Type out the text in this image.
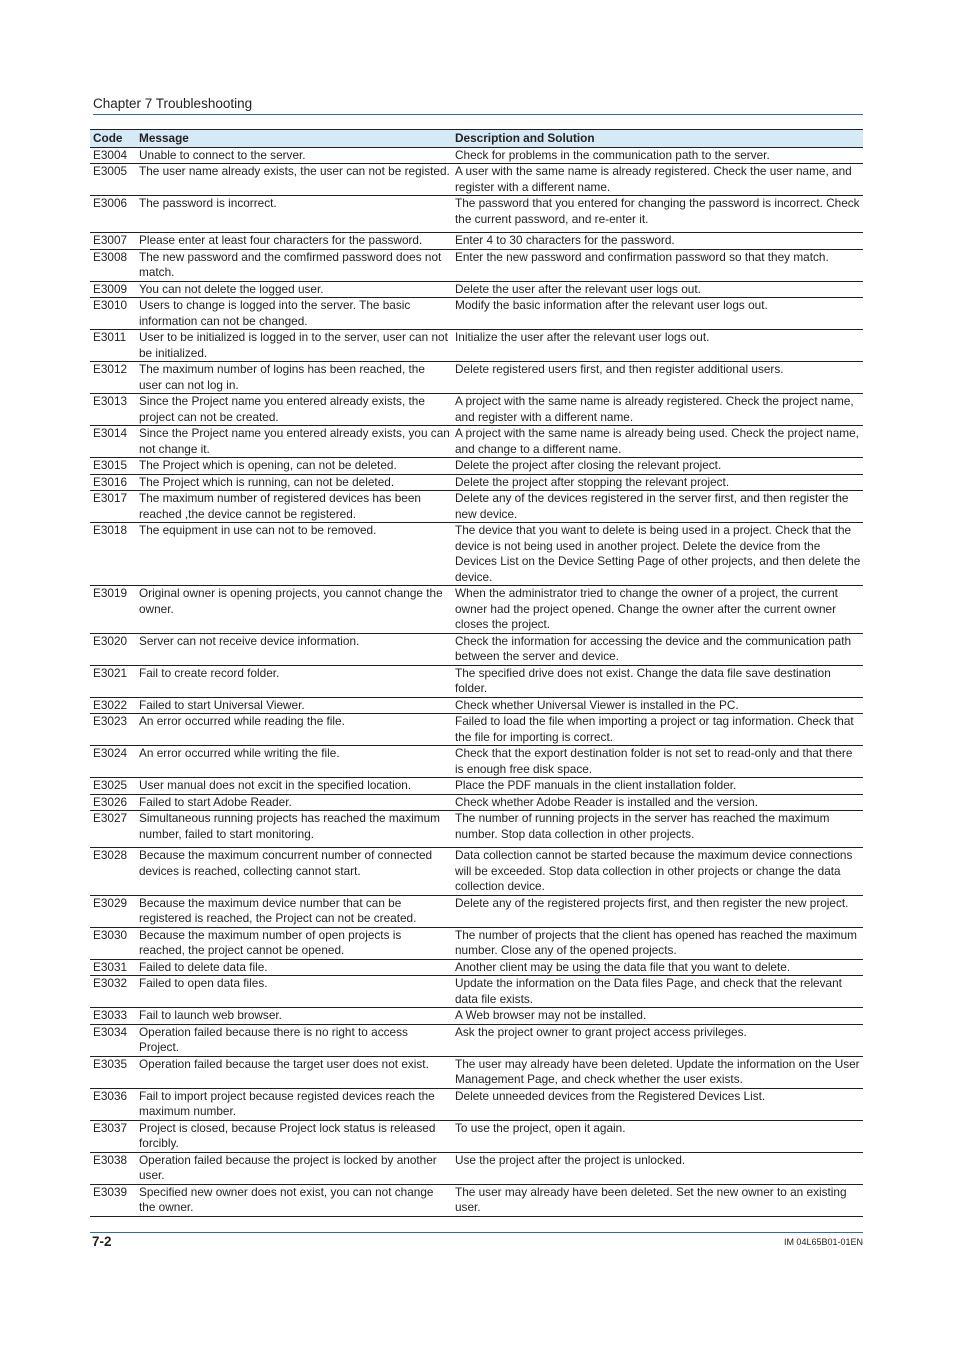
Chapter 7 Troubleshooting
Code	Message	Description and Solution
E3004	Unable to connect to the server.	Check for problems in the communication path to the server.
E3005	The user name already exists, the user can not be registed.	A user with the same name is already registered. Check the user name, and register with a different name.
E3006	The password is incorrect.	The password that you entered for changing the password is incorrect. Check the current password, and re-enter it.
E3007	Please enter at least four characters for the password.	Enter 4 to 30 characters for the password.
E3008	The new password and the comfirmed password does not match.	Enter the new password and confirmation password so that they match.
E3009	You can not delete the logged user.	Delete the user after the relevant user logs out.
E3010	Users to change is logged into the server. The basic information can not be changed.	Modify the basic information after the relevant user logs out.
E3011	User to be initialized is logged in to the server, user can not be initialized.	Initialize the user after the relevant user logs out.
E3012	The maximum number of logins has been reached, the user can not log in.	Delete registered users first, and then register additional users.
E3013	Since the Project name you entered already exists, the project can not be created.	A project with the same name is already registered. Check the project name, and register with a different name.
E3014	Since the Project name you entered already exists, you can not change it.	A project with the same name is already being used. Check the project name, and change to a different name.
E3015	The Project which is opening, can not be deleted.	Delete the project after closing the relevant project.
E3016	The Project which is running, can not be deleted.	Delete the project after stopping the relevant project.
E3017	The maximum number of registered devices has been reached ,the device cannot be registered.	Delete any of the devices registered in the server first, and then register the new device.
E3018	The equipment in use can not to be removed.	The device that you want to delete is being used in a project. Check that the device is not being used in another project. Delete the device from the Devices List on the Device Setting Page of other projects, and then delete the device.
E3019	Original owner is opening projects, you cannot change the owner.	When the administrator tried to change the owner of a project, the current owner had the project opened. Change the owner after the current owner closes the project.
E3020	Server can not receive device information.	Check the information for accessing the device and the communication path between the server and device.
E3021	Fail to create record folder.	The specified drive does not exist. Change the data file save destination folder.
E3022	Failed to start Universal Viewer.	Check whether Universal Viewer is installed in the PC.
E3023	An error occurred while reading the file.	Failed to load the file when importing a project or tag information. Check that the file for importing is correct.
E3024	An error occurred while writing the file.	Check that the export destination folder is not set to read-only and that there is enough free disk space.
E3025	User manual does not excit in the specified location.	Place the PDF manuals in the client installation folder.
E3026	Failed to start Adobe Reader.	Check whether Adobe Reader is installed and the version.
E3027	Simultaneous running projects has reached the maximum number, failed to start monitoring.	The number of running projects in the server has reached the maximum number. Stop data collection in other projects.
E3028	Because the maximum concurrent number of connected devices is reached, collecting cannot start.	Data collection cannot be started because the maximum device connections will be exceeded. Stop data collection in other projects or change the data collection device.
E3029	Because the maximum device number that can be registered is reached, the Project can not be created.	Delete any of the registered projects first, and then register the new project.
E3030	Because the maximum number of open projects is reached, the project cannot be opened.	The number of projects that the client has opened has reached the maximum number. Close any of the opened projects.
E3031	Failed to delete data file.	Another client may be using the data file that you want to delete.
E3032	Failed to open data files.	Update the information on the Data files Page, and check that the relevant data file exists.
E3033	Fail to launch web browser.	A Web browser may not be installed.
E3034	Operation failed because there is no right to access Project.	Ask the project owner to grant project access privileges.
E3035	Operation failed because the target user does not exist.	The user may already have been deleted. Update the information on the User Management Page, and check whether the user exists.
E3036	Fail to import project because registed devices reach the maximum number.	Delete unneeded devices from the Registered Devices List.
E3037	Project is closed, because Project lock status is released forcibly.	To use the project, open it again.
E3038	Operation failed because the project is locked by another user.	Use the project after the project is unlocked.
E3039	Specified new owner does not exist, you can not change the owner.	The user may already have been deleted. Set the new owner to an existing user.
7-2	IM 04L65B01-01EN
